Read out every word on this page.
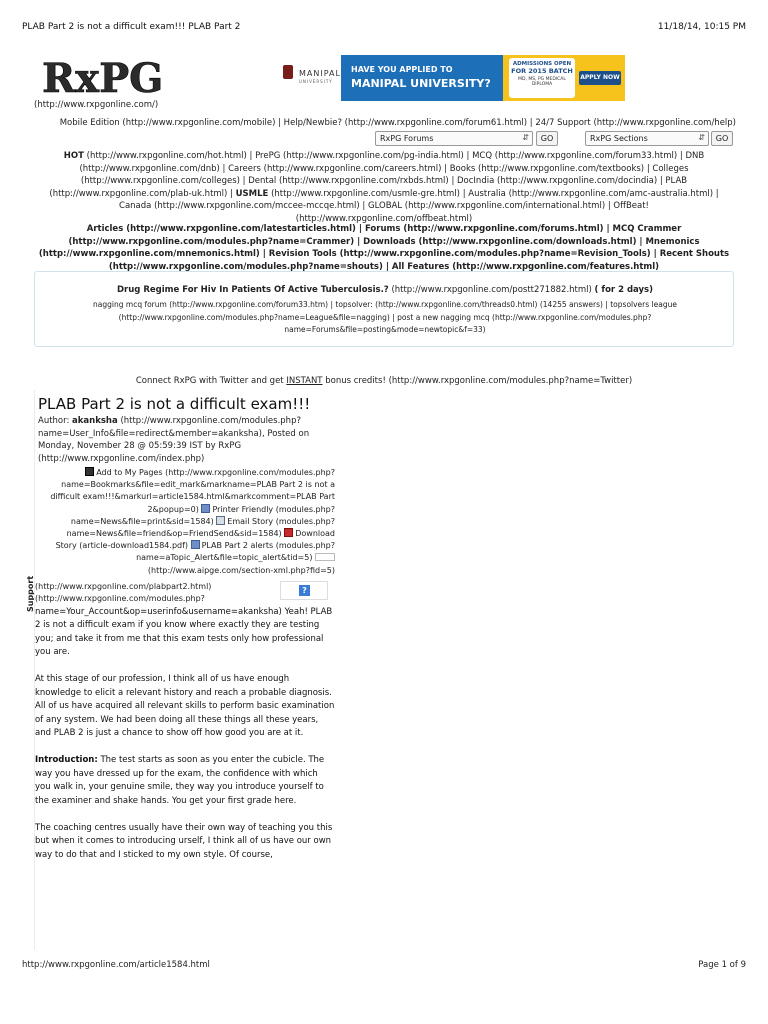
PLAB Part 2 is not a difficult exam!!! PLAB Part 2	11/18/14, 10:15 PM
RxPG
(http://www.rxpgonline.com/)
MANIPAL
UNIVERSITY
HAVE YOU APPLIED TO
MANIPAL UNIVERSITY?
ADMISSIONS OPEN
FOR 2015 BATCH
MD, MS, PG MEDICAL DIPLOMA
APPLY NOW
Mobile Edition (http://www.rxpgonline.com/mobile) | Help/Newbie? (http://www.rxpgonline.com/forum61.html) | 24/7 Support (http://www.rxpgonline.com/help)
RxPG Forums	⇵	GO	RxPG Sections	⇵	GO
HOT (http://www.rxpgonline.com/hot.html) | PrePG (http://www.rxpgonline.com/pg-india.html) | MCQ (http://www.rxpgonline.com/forum33.html) | DNB
(http://www.rxpgonline.com/dnb) | Careers (http://www.rxpgonline.com/careers.html) | Books (http://www.rxpgonline.com/textbooks) | Colleges
(http://www.rxpgonline.com/colleges) | Dental (http://www.rxpgonline.com/rxbds.html) | DocIndia (http://www.rxpgonline.com/docindia) | PLAB
(http://www.rxpgonline.com/plab-uk.html) | USMLE (http://www.rxpgonline.com/usmle-gre.html) | Australia (http://www.rxpgonline.com/amc-australia.html) |
Canada (http://www.rxpgonline.com/mccee-mccqe.html) | GLOBAL (http://www.rxpgonline.com/international.html) | OffBeat!
(http://www.rxpgonline.com/offbeat.html)
Articles (http://www.rxpgonline.com/latestarticles.html) | Forums (http://www.rxpgonline.com/forums.html) | MCQ Crammer
(http://www.rxpgonline.com/modules.php?name=Crammer) | Downloads (http://www.rxpgonline.com/downloads.html) | Mnemonics
(http://www.rxpgonline.com/mnemonics.html) | Revision Tools (http://www.rxpgonline.com/modules.php?name=Revision_Tools) | Recent Shouts
(http://www.rxpgonline.com/modules.php?name=shouts) | All Features (http://www.rxpgonline.com/features.html)
Drug Regime For Hiv In Patients Of Active Tuberculosis.? (http://www.rxpgonline.com/postt271882.html) ( for 2 days)
nagging mcq forum (http://www.rxpgonline.com/forum33.htm) | topsolver: (http://www.rxpgonline.com/threads0.html) (14255 answers) | topsolvers league
(http://www.rxpgonline.com/modules.php?name=League&file=nagging) | post a new nagging mcq (http://www.rxpgonline.com/modules.php?
name=Forums&file=posting&mode=newtopic&f=33)
Connect RxPG with Twitter and get INSTANT bonus credits! (http://www.rxpgonline.com/modules.php?name=Twitter)
Support
PLAB Part 2 is not a difficult exam!!!
Author: akanksha (http://www.rxpgonline.com/modules.php? name=User_Info&file=redirect&member=akanksha), Posted on Monday, November 28 @ 05:59:39 IST by RxPG (http://www.rxpgonline.com/index.php)
Add to My Pages (http://www.rxpgonline.com/modules.php?
name=Bookmarks&file=edit_mark&markname=PLAB Part 2 is not a
difficult exam!!!&markurl=article1584.html&markcomment=PLAB Part
2&popup=0) Printer Friendly (modules.php?
name=News&file=print&sid=1584) Email Story (modules.php?
name=News&file=friend&op=FriendSend&sid=1584) Download
Story (article-download1584.pdf) PLAB Part 2 alerts (modules.php?
name=aTopic_Alert&file=topic_alert&tid=5)
(http://www.aipge.com/section-xml.php?fid=5)
(http://www.rxpgonline.com/plabpart2.html)
(http://www.rxpgonline.com/modules.php?
?
name=Your_Account&op=userinfo&username=akanksha) Yeah! PLAB 2 is not a difficult exam if you know where exactly they are testing you; and take it from me that this exam tests only how professional you are.
At this stage of our profession, I think all of us have enough knowledge to elicit a relevant history and reach a probable diagnosis. All of us have acquired all relevant skills to perform basic examination of any system. We had been doing all these things all these years, and PLAB 2 is just a chance to show off how good you are at it.
Introduction: The test starts as soon as you enter the cubicle. The way you have dressed up for the exam, the confidence with which you walk in, your genuine smile, they way you introduce yourself to the examiner and shake hands. You get your first grade here.
The coaching centres usually have their own way of teaching you this but when it comes to introducing urself, I think all of us have our own way to do that and I sticked to my own style. Of course,
http://www.rxpgonline.com/article1584.html	Page 1 of 9
